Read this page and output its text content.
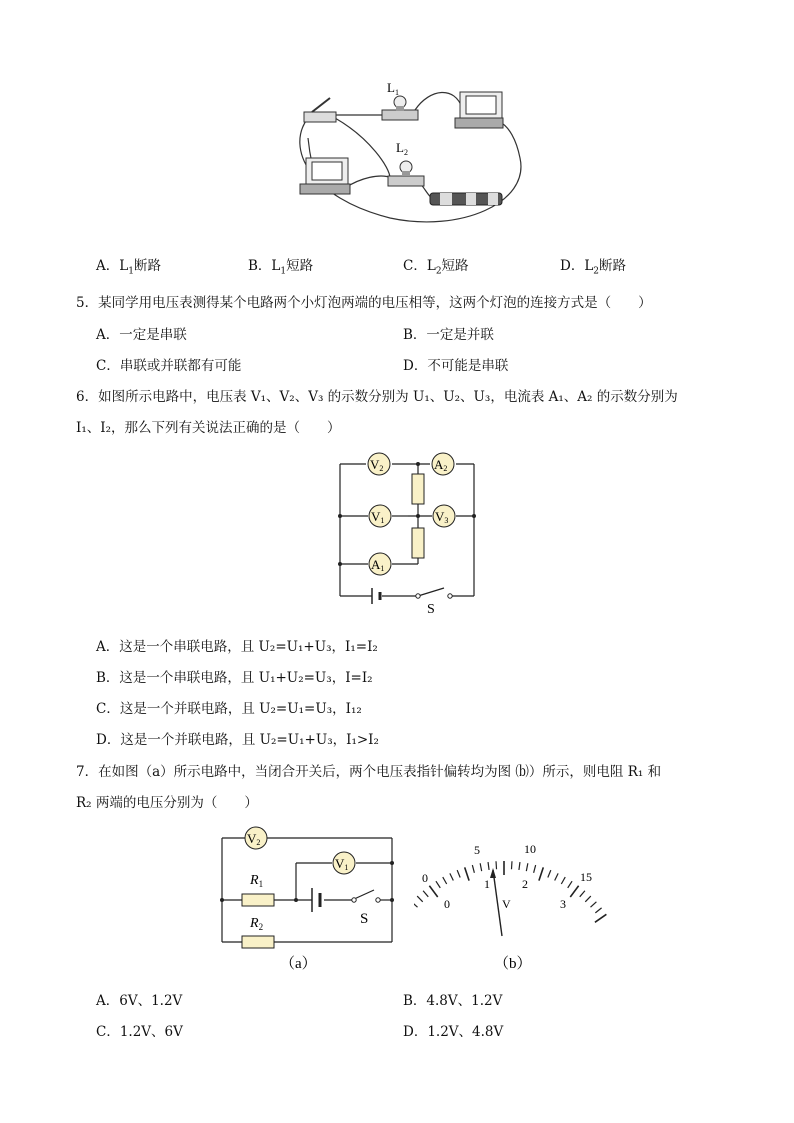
$L_1$
$L_2$
A．$L_1$断路	B．$L_1$短路	C．$L_2$短路	D．$L_2$断路
5．某同学用电压表测得某个电路两个小灯泡两端的电压相等，这两个灯泡的连接方式是（　　）
A．一定是串联	B．一定是并联
C．串联或并联都有可能	D．不可能是串联
6．如图所示电路中，电压表 V₁、V₂、V₃ 的示数分别为 U₁、U₂、U₃，电流表 A₁、A₂ 的示数分别为
I₁、I₂，那么下列有关说法正确的是（　　）
V2	A2
V1	V3
A1
S
A．这是一个串联电路，且 U₂=U₁+U₃，I₁=I₂
B．这是一个串联电路，且 U₁+U₂=U₃，I=I₂
C．这是一个并联电路，且 U₂=U₁=U₃，I₁₂
D．这是一个并联电路，且 U₂=U₁+U₃，I₁>I₂
7．在如图（a）所示电路中，当闭合开关后，两个电压表指针偏转均为图 ⒝）所示，则电阻 R₁ 和
R₂ 两端的电压分别为（　　）
V2
V1
$R_1$
$R_2$	S
（a）
0
5	10
15
0
1	2
3
V
（b）
A．6V、1.2V	B．4.8V、1.2V
C．1.2V、6V	D．1.2V、4.8V
